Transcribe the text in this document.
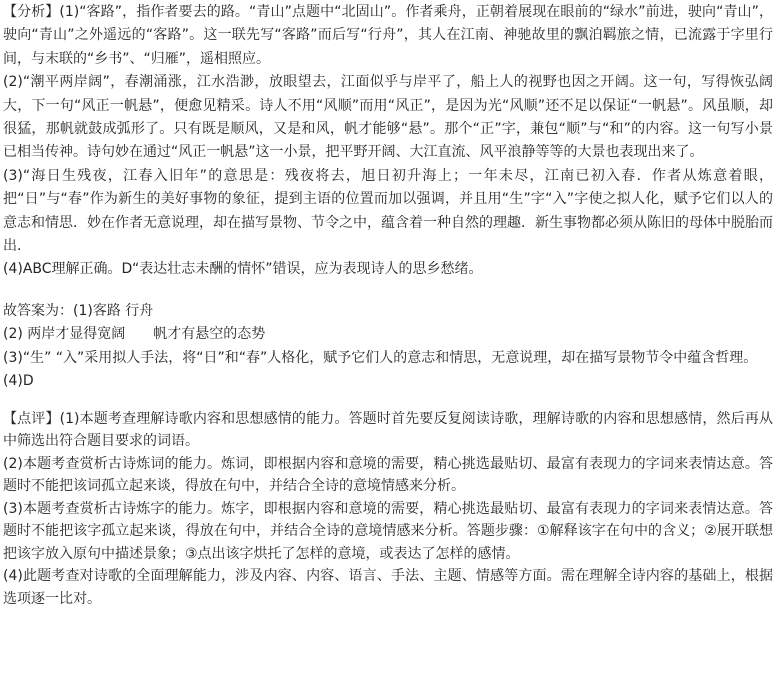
【分析】(1)“客路”，指作者要去的路。“青山”点题中“北固山”。作者乘舟，正朝着展现在眼前的“绿水”前进，驶向“青山”，驶向“青山”之外遥远的“客路”。这一联先写“客路”而后写“行舟”，其人在江南、神驰故里的飘泊羁旅之情，已流露于字里行间，与末联的“乡书”、“归雁”，遥相照应。

(2)“潮平两岸阔”，春潮涌涨，江水浩渺，放眼望去，江面似乎与岸平了，船上人的视野也因之开阔。这一句，写得恢弘阔大，下一句“风正一帆悬”，便愈见精采。诗人不用“风顺”而用“风正”，是因为光“风顺”还不足以保证“一帆悬”。风虽顺，却很猛，那帆就鼓成弧形了。只有既是顺风，又是和风，帆才能够“悬”。那个“正”字，兼包“顺”与“和”的内容。这一句写小景已相当传神。诗句妙在通过“风正一帆悬”这一小景，把平野开阔、大江直流、风平浪静等等的大景也表现出来了。

(3)“海日生残夜，江春入旧年”的意思是：残夜将去，旭日初升海上；一年未尽，江南已初入春．作者从炼意着眼，把“日”与“春”作为新生的美好事物的象征，提到主语的位置而加以强调，并且用“生”字“入”字使之拟人化，赋予它们以人的意志和情思．妙在作者无意说理，却在描写景物、节令之中，蕴含着一种自然的理趣．新生事物都必须从陈旧的母体中脱胎而出．

(4)ABC理解正确。D“表达壮志未酬的情怀”错误，应为表现诗人的思乡愁绪。

故答案为：(1)客路 行舟

(2) 两岸才显得宽阔 帆才有悬空的态势

(3)“生” “入”采用拟人手法，将“日”和“春”人格化，赋予它们人的意志和情思，无意说理，却在描写景物节令中蕴含哲理。

(4)D

【点评】(1)本题考查理解诗歌内容和思想感情的能力。答题时首先要反复阅读诗歌，理解诗歌的内容和思想感情，然后再从中筛选出符合题目要求的词语。

(2)本题考查赏析古诗炼词的能力。炼词，即根据内容和意境的需要，精心挑选最贴切、最富有表现力的字词来表情达意。答题时不能把该词孤立起来谈，得放在句中，并结合全诗的意境情感来分析。

(3)本题考查赏析古诗炼字的能力。炼字，即根据内容和意境的需要，精心挑选最贴切、最富有表现力的字词来表情达意。答题时不能把该字孤立起来谈，得放在句中，并结合全诗的意境情感来分析。答题步骤：①解释该字在句中的含义；②展开联想把该字放入原句中描述景象；③点出该字烘托了怎样的意境，或表达了怎样的感情。

(4)此题考查对诗歌的全面理解能力，涉及内容、内容、语言、手法、主题、情感等方面。需在理解全诗内容的基础上，根据选项逐一比对。
